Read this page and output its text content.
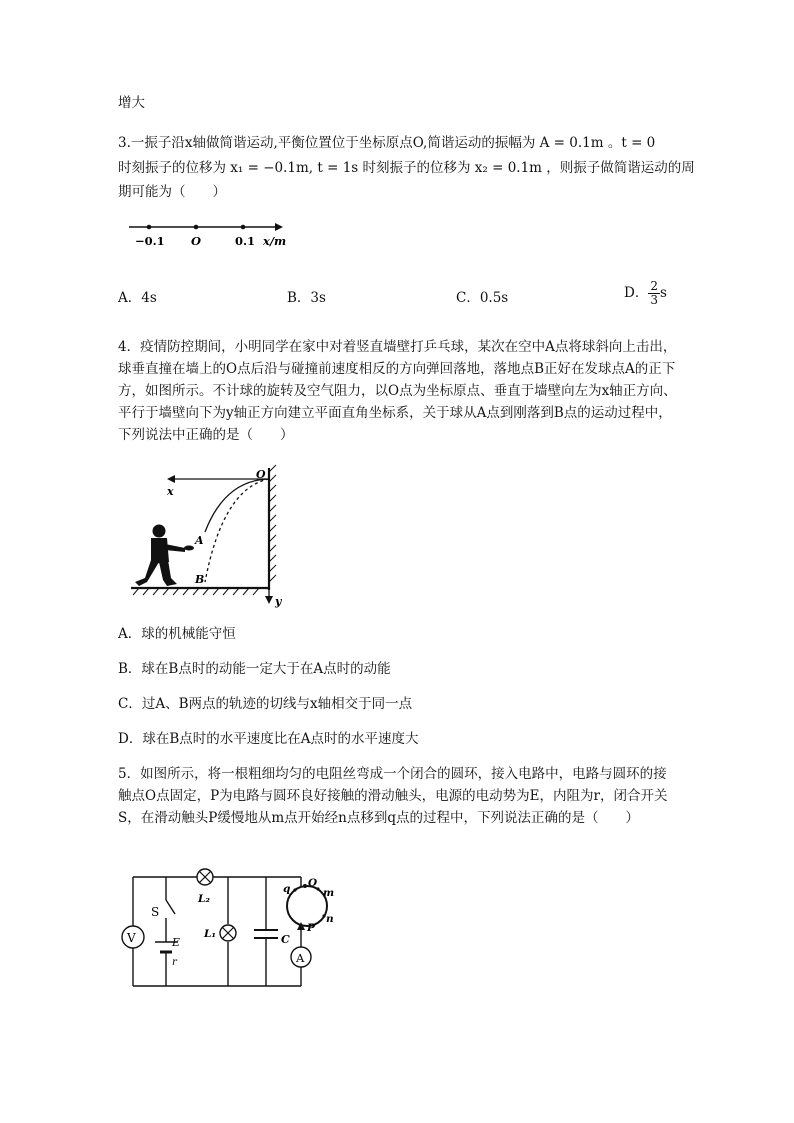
增大
3.一振子沿x轴做简谐运动,平衡位置位于坐标原点O,简谐运动的振幅为 A = 0.1m 。t = 0
时刻振子的位移为 x₁ = −0.1m, t = 1s 时刻振子的位移为 x₂ = 0.1m ，则振子做简谐运动的周
期可能为（　　）
−0.1 O	0.1 x/m
A．4s	B．3s	C．0.5s	D． $\frac{2}{3}$ s
4．疫情防控期间，小明同学在家中对着竖直墙壁打乒乓球，某次在空中A点将球斜向上击出，球垂直撞在墙上的O点后沿与碰撞前速度相反的方向弹回落地，落地点B正好在发球点A的正下方，如图所示。不计球的旋转及空气阻力，以O点为坐标原点、垂直于墙壁向左为x轴正方向、平行于墙壁向下为y轴正方向建立平面直角坐标系，关于球从A点到刚落到B点的运动过程中，下列说法中正确的是（　　）
x
y
O
A
B
A．球的机械能守恒
B．球在B点时的动能一定大于在A点时的动能
C．过A、B两点的轨迹的切线与x轴相交于同一点
D．球在B点时的水平速度比在A点时的水平速度大
5．如图所示，将一根粗细均匀的电阻丝弯成一个闭合的圆环，接入电路中，电路与圆环的接触点O点固定，P为电路与圆环良好接触的滑动触头，电源的电动势为E，内阻为r，闭合开关S，在滑动触头P缓慢地从m点开始经n点移到q点的过程中，下列说法正确的是（　　）
V
L₂
L₁
S
E
r
C
P
O
m
n
q
A
